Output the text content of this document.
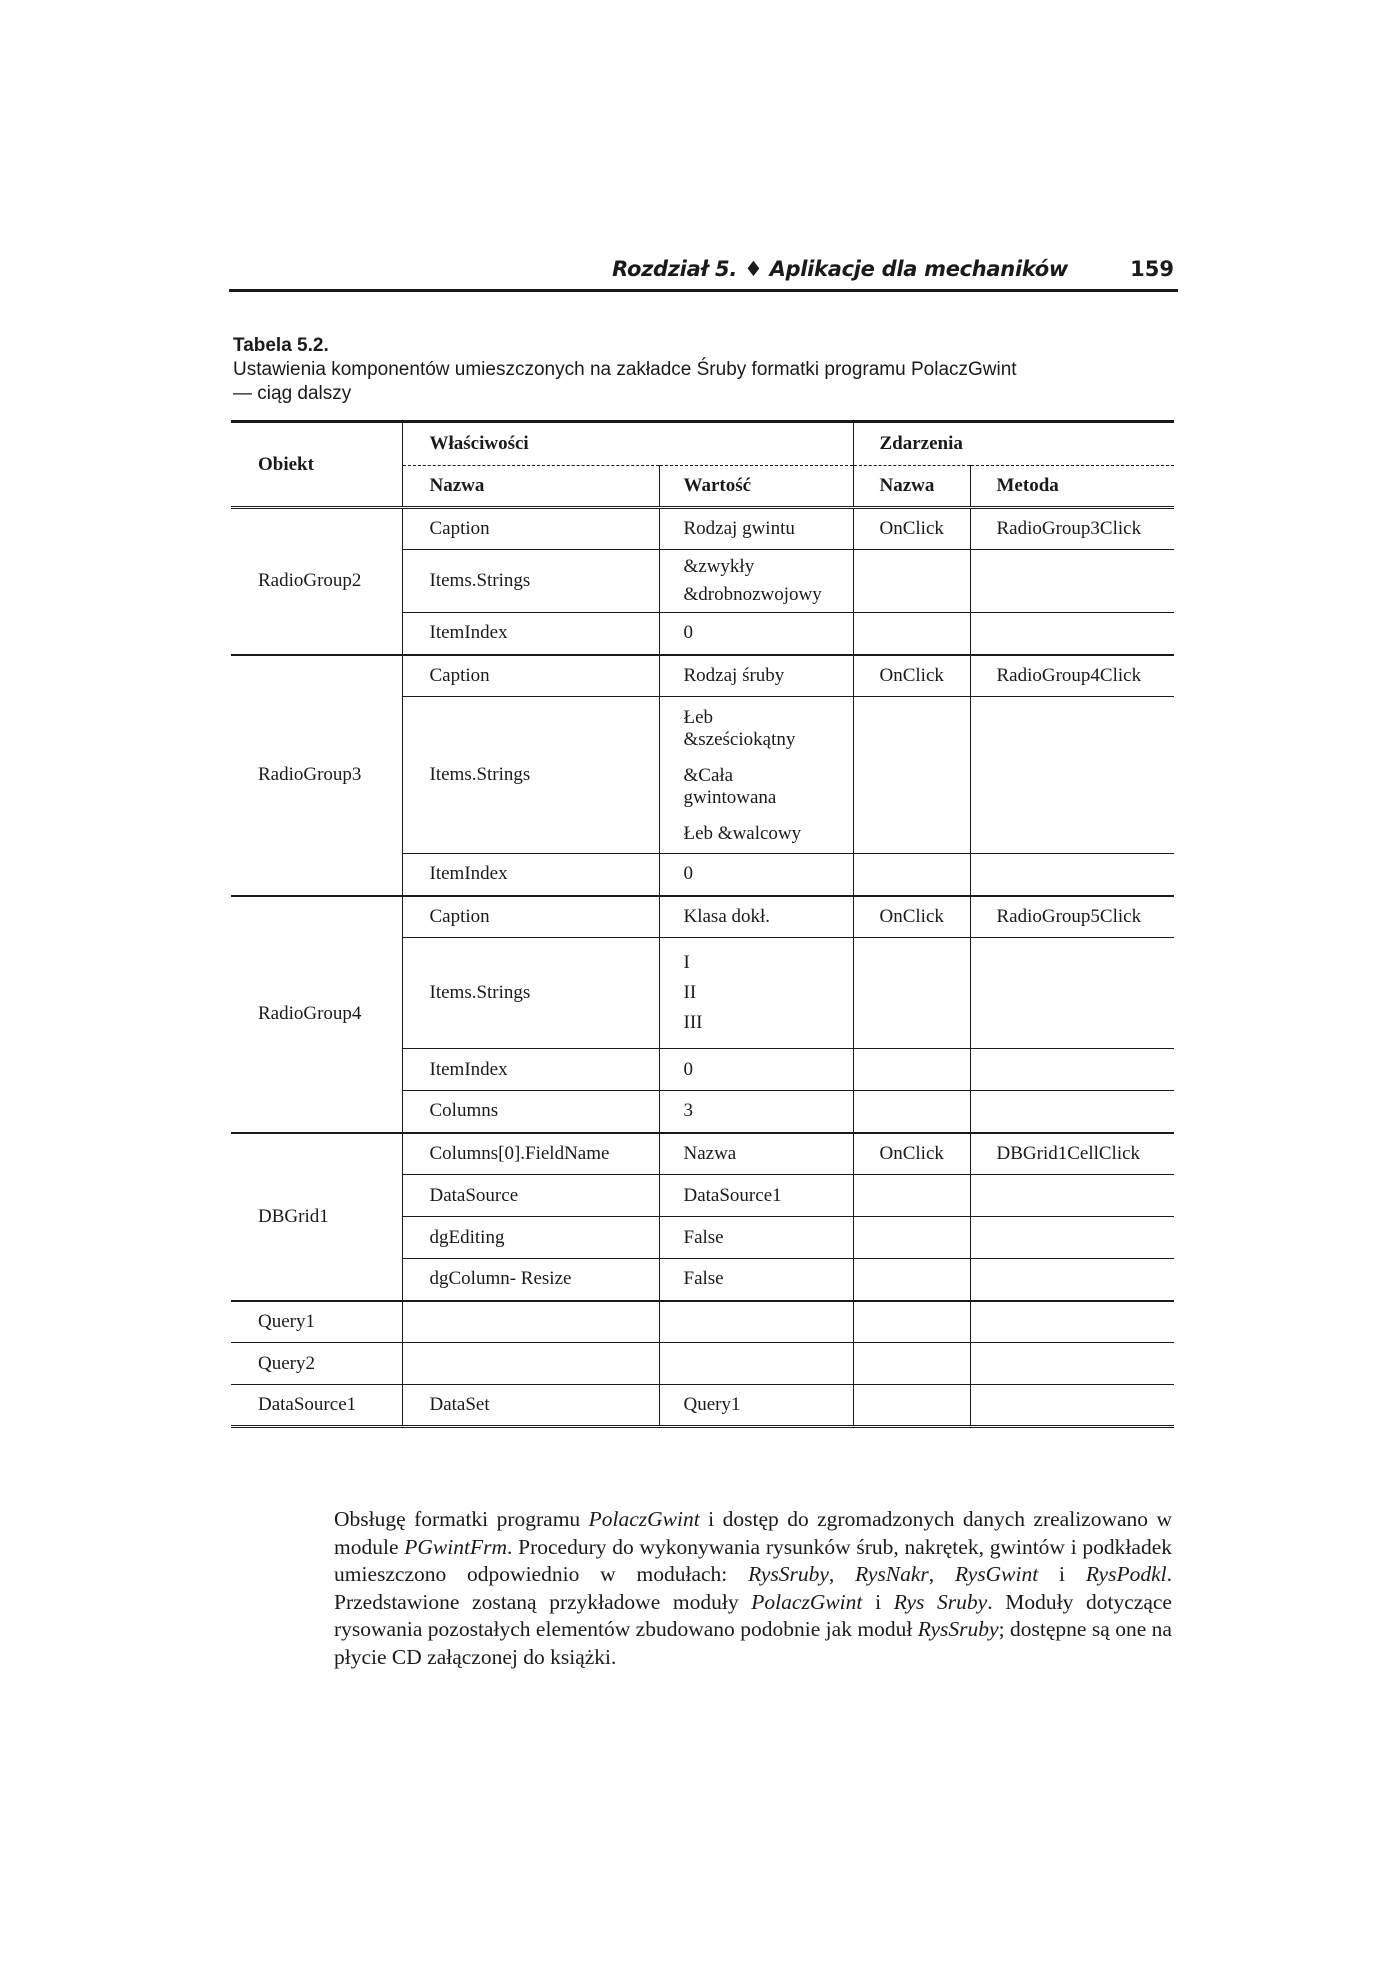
Rozdział 5. ♦ Aplikacje dla mechaników	159
Tabela 5.2.
Ustawienia komponentów umieszczonych na zakładce Śruby formatki programu PolaczGwint
— ciąg dalszy
Obiekt	Właściwości		Zdarzenia	
	Nazwa	Wartość	Nazwa	Metoda
RadioGroup2	Caption	Rodzaj gwintu	OnClick	RadioGroup3Click
	Items.Strings	&zwykły
&drobnozwojowy		

	ItemIndex	0		
RadioGroup3	Caption	Rodzaj śruby	OnClick	RadioGroup4Click
	Items.Strings	Łeb
&sześciokątny
&Cała
gwintowana
Łeb &walcowy		

	ItemIndex	0		
RadioGroup4	Caption	Klasa dokł.	OnClick	RadioGroup5Click
	Items.Strings	I
II
III		

	ItemIndex	0		
	Columns	3		
DBGrid1	Columns[0].FieldName	Nazwa	OnClick	DBGrid1CellClick
	DataSource	DataSource1		
	dgEditing	False		
	dgColumn- Resize	False		
Query1				
Query2				
DataSource1	DataSet	Query1		
Obsługę formatki programu PolaczGwint i dostęp do zgromadzonych danych zrealizowano w module PGwintFrm. Procedury do wykonywania rysunków śrub, nakrętek, gwintów i podkładek umieszczono odpowiednio w modułach: RysSruby, RysNakr, RysGwint i RysPodkl. Przedstawione zostaną przykładowe moduły PolaczGwint i Rys Sruby. Moduły dotyczące rysowania pozostałych elementów zbudowano podobnie jak moduł RysSruby; dostępne są one na płycie CD załączonej do książki.
